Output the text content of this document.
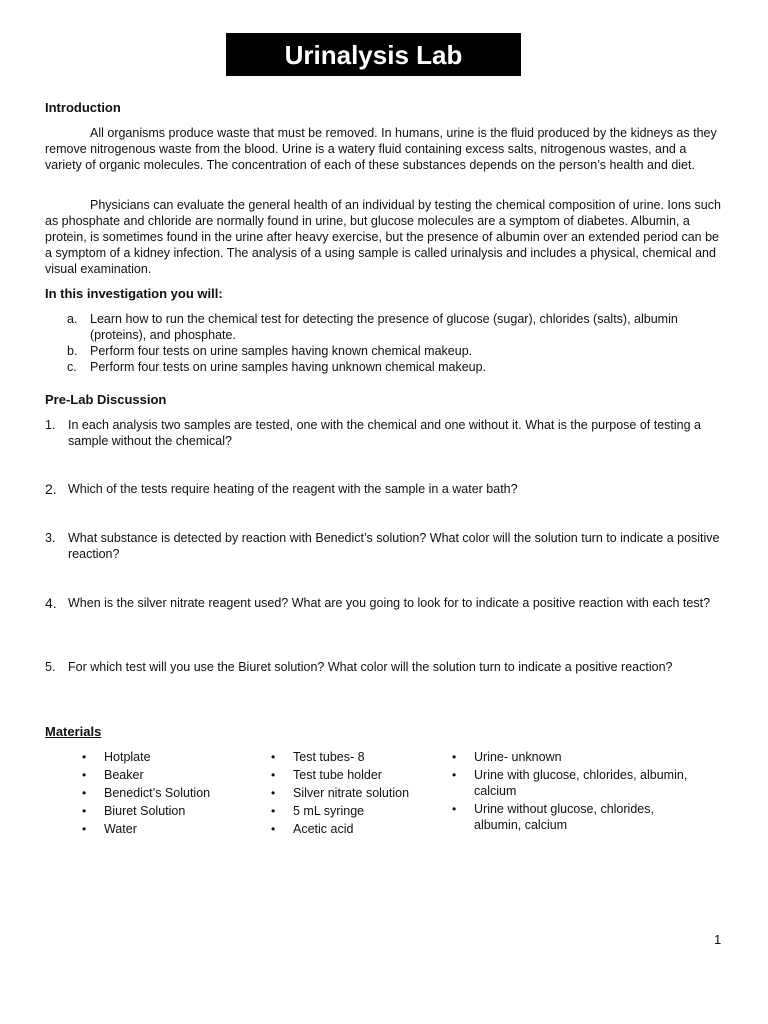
Urinalysis Lab
Introduction
All organisms produce waste that must be removed. In humans, urine is the fluid produced by the kidneys as they remove nitrogenous waste from the blood. Urine is a watery fluid containing excess salts, nitrogenous wastes, and a variety of organic molecules. The concentration of each of these substances depends on the person’s health and diet.
Physicians can evaluate the general health of an individual by testing the chemical composition of urine. Ions such as phosphate and chloride are normally found in urine, but glucose molecules are a symptom of diabetes. Albumin, a protein, is sometimes found in the urine after heavy exercise, but the presence of albumin over an extended period can be a symptom of a kidney infection. The analysis of a using sample is called urinalysis and includes a physical, chemical and visual examination.
In this investigation you will:
a.	Learn how to run the chemical test for detecting the presence of glucose (sugar), chlorides (salts), albumin (proteins), and phosphate.
b.	Perform four tests on urine samples having known chemical makeup.
c.	Perform four tests on urine samples having unknown chemical makeup.
Pre-Lab Discussion
1.	In each analysis two samples are tested, one with the chemical and one without it. What is the purpose of testing a sample without the chemical?
2. Which of the tests require heating of the reagent with the sample in a water bath?
3.	What substance is detected by reaction with Benedict’s solution? What color will the solution turn to indicate a positive reaction?
4. When is the silver nitrate reagent used? What are you going to look for to indicate a positive reaction with each test?
5.	For which test will you use the Biuret solution? What color will the solution turn to indicate a positive reaction?
Materials
•	Hotplate
•	Beaker
•	Benedict’s Solution
•	Biuret Solution
•	Water
•	Test tubes- 8
•	Test tube holder
•	Silver nitrate solution
•	5 mL syringe
•	Acetic acid
•	Urine- unknown
•	Urine with glucose, chlorides, albumin, calcium
•	Urine without glucose, chlorides, albumin, calcium
1
